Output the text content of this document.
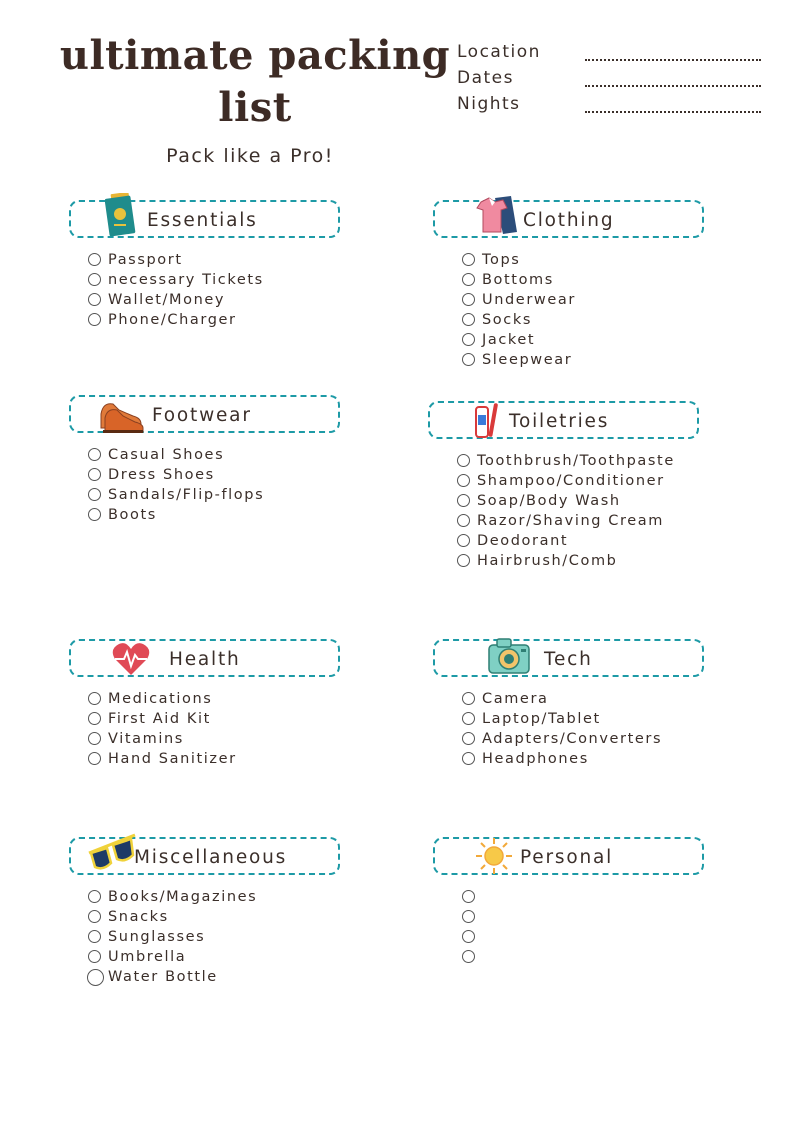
ultimate packing
list
Pack like a Pro!
Location
Dates
Nights
Essentials
Passport
necessary Tickets
Wallet/Money
Phone/Charger
Clothing
Tops
Bottoms
Underwear
Socks
Jacket
Sleepwear
Footwear
Casual Shoes
Dress Shoes
Sandals/Flip-flops
Boots
Toiletries
Toothbrush/Toothpaste
Shampoo/Conditioner
Soap/Body Wash
Razor/Shaving Cream
Deodorant
Hairbrush/Comb
Health
Medications
First Aid Kit
Vitamins
Hand Sanitizer
Tech
Camera
Laptop/Tablet
Adapters/Converters
Headphones
Miscellaneous
Books/Magazines
Snacks
Sunglasses
Umbrella
Water Bottle
Personal
